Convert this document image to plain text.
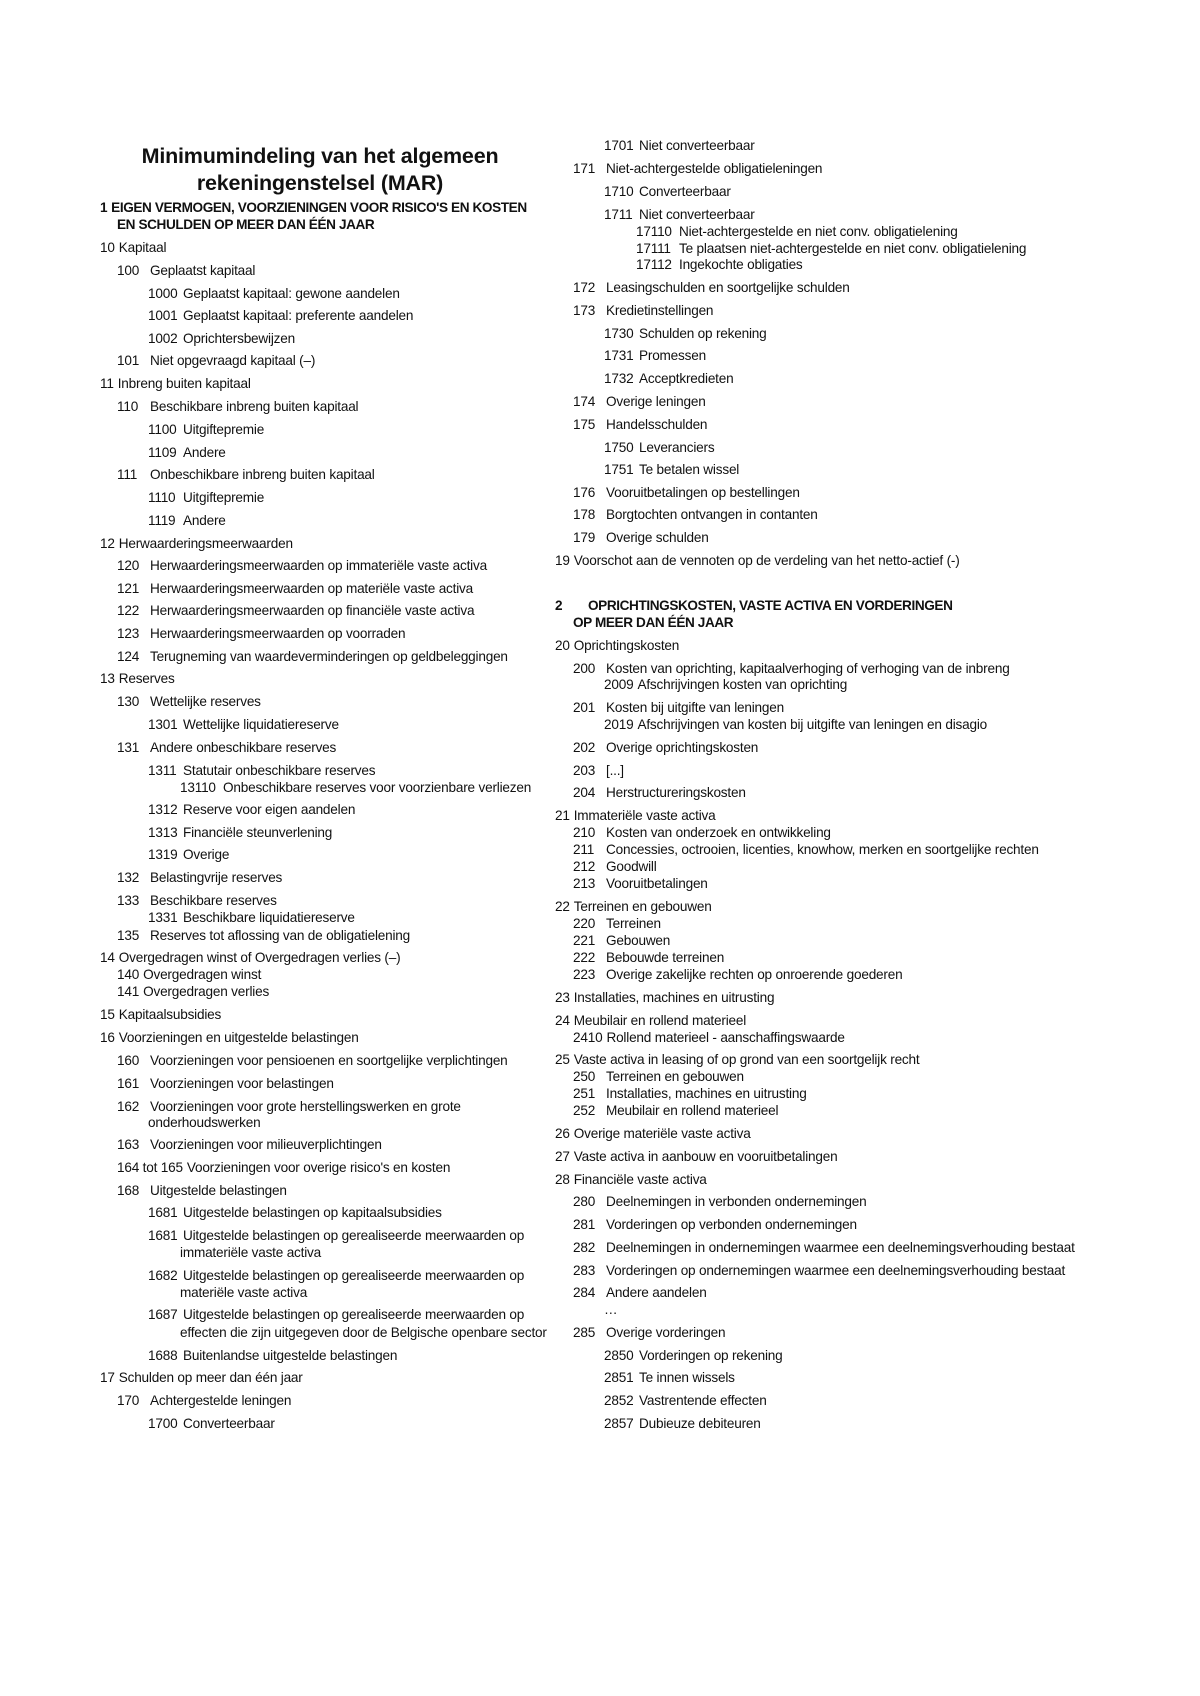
Minimumindeling van het algemeen
rekeningenstelsel (MAR)
1 EIGEN VERMOGEN, VOORZIENINGEN VOOR RISICO'S EN KOSTEN
EN SCHULDEN OP MEER DAN ÉÉN JAAR
10 Kapitaal
100 Geplaatst kapitaal
1000 Geplaatst kapitaal: gewone aandelen
1001 Geplaatst kapitaal: preferente aandelen
1002 Oprichtersbewijzen
101 Niet opgevraagd kapitaal (–)
11 Inbreng buiten kapitaal
110 Beschikbare inbreng buiten kapitaal
1100 Uitgiftepremie
1109 Andere
111 Onbeschikbare inbreng buiten kapitaal
1110 Uitgiftepremie
1119 Andere
12 Herwaarderingsmeerwaarden
120 Herwaarderingsmeerwaarden op immateriële vaste activa
121 Herwaarderingsmeerwaarden op materiële vaste activa
122 Herwaarderingsmeerwaarden op financiële vaste activa
123 Herwaarderingsmeerwaarden op voorraden
124 Terugneming van waardeverminderingen op geldbeleggingen
13 Reserves
130 Wettelijke reserves
1301 Wettelijke liquidatiereserve
131 Andere onbeschikbare reserves
1311 Statutair onbeschikbare reserves
13110 Onbeschikbare reserves voor voorzienbare verliezen
1312 Reserve voor eigen aandelen
1313 Financiële steunverlening
1319 Overige
132 Belastingvrije reserves
133 Beschikbare reserves
1331 Beschikbare liquidatiereserve
135 Reserves tot aflossing van de obligatielening
14 Overgedragen winst of Overgedragen verlies (–)
140 Overgedragen winst
141 Overgedragen verlies
15 Kapitaalsubsidies
16 Voorzieningen en uitgestelde belastingen
160 Voorzieningen voor pensioenen en soortgelijke verplichtingen
161 Voorzieningen voor belastingen
162 Voorzieningen voor grote herstellingswerken en grote
onderhoudswerken
163 Voorzieningen voor milieuverplichtingen
164 tot 165 Voorzieningen voor overige risico's en kosten
168 Uitgestelde belastingen
1681 Uitgestelde belastingen op kapitaalsubsidies
1681 Uitgestelde belastingen op gerealiseerde meerwaarden op
immateriële vaste activa
1682 Uitgestelde belastingen op gerealiseerde meerwaarden op
materiële vaste activa
1687 Uitgestelde belastingen op gerealiseerde meerwaarden op
effecten die zijn uitgegeven door de Belgische openbare sector
1688 Buitenlandse uitgestelde belastingen
17 Schulden op meer dan één jaar
170 Achtergestelde leningen
1700 Converteerbaar
1701 Niet converteerbaar
171 Niet-achtergestelde obligatieleningen
1710 Converteerbaar
1711 Niet converteerbaar
17110 Niet-achtergestelde en niet conv. obligatielening
17111 Te plaatsen niet-achtergestelde en niet conv. obligatielening
17112 Ingekochte obligaties
172 Leasingschulden en soortgelijke schulden
173 Kredietinstellingen
1730 Schulden op rekening
1731 Promessen
1732 Acceptkredieten
174 Overige leningen
175 Handelsschulden
1750 Leveranciers
1751 Te betalen wissel
176 Vooruitbetalingen op bestellingen
178 Borgtochten ontvangen in contanten
179 Overige schulden
19 Voorschot aan de vennoten op de verdeling van het netto-actief (-)
2 OPRICHTINGSKOSTEN, VASTE ACTIVA EN VORDERINGEN
OP MEER DAN ÉÉN JAAR
20 Oprichtingskosten
200 Kosten van oprichting, kapitaalverhoging of verhoging van de inbreng
2009 Afschrijvingen kosten van oprichting
201 Kosten bij uitgifte van leningen
2019 Afschrijvingen van kosten bij uitgifte van leningen en disagio
202 Overige oprichtingskosten
203 [...]
204 Herstructureringskosten
21 Immateriële vaste activa
210 Kosten van onderzoek en ontwikkeling
211 Concessies, octrooien, licenties, knowhow, merken en soortgelijke rechten
212 Goodwill
213 Vooruitbetalingen
22 Terreinen en gebouwen
220 Terreinen
221 Gebouwen
222 Bebouwde terreinen
223 Overige zakelijke rechten op onroerende goederen
23 Installaties, machines en uitrusting
24 Meubilair en rollend materieel
2410 Rollend materieel - aanschaffingswaarde
25 Vaste activa in leasing of op grond van een soortgelijk recht
250 Terreinen en gebouwen
251 Installaties, machines en uitrusting
252 Meubilair en rollend materieel
26 Overige materiële vaste activa
27 Vaste activa in aanbouw en vooruitbetalingen
28 Financiële vaste activa
280 Deelnemingen in verbonden ondernemingen
281 Vorderingen op verbonden ondernemingen
282 Deelnemingen in ondernemingen waarmee een deelnemingsverhouding bestaat
283 Vorderingen op ondernemingen waarmee een deelnemingsverhouding bestaat
284 Andere aandelen
…
285 Overige vorderingen
2850 Vorderingen op rekening
2851 Te innen wissels
2852 Vastrentende effecten
2857 Dubieuze debiteuren
